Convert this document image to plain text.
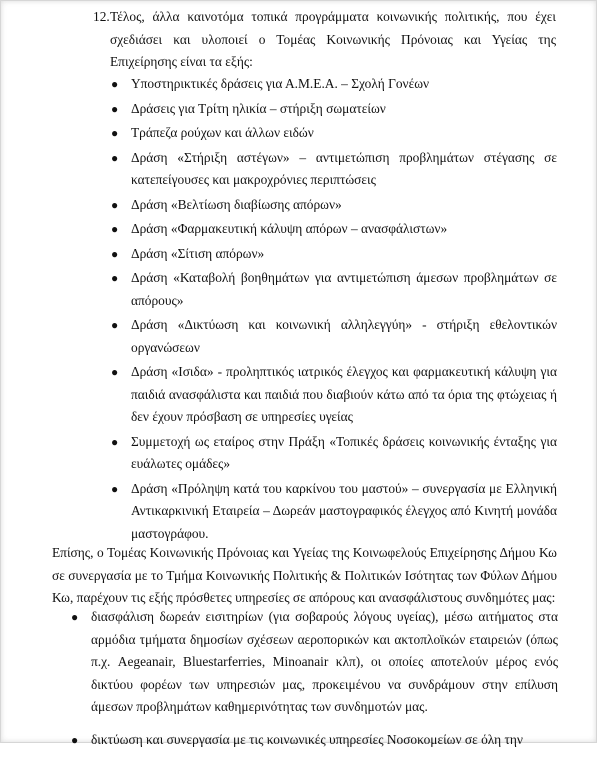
12. Τέλος, άλλα καινοτόμα τοπικά προγράμματα κοινωνικής πολιτικής, που έχει σχεδιάσει και υλοποιεί ο Τομέας Κοινωνικής Πρόνοιας και Υγείας της Επιχείρησης είναι τα εξής:
● Υποστηρικτικές δράσεις για Α.Μ.Ε.Α. – Σχολή Γονέων
● Δράσεις για Τρίτη ηλικία – στήριξη σωματείων
● Τράπεζα ρούχων και άλλων ειδών
● Δράση «Στήριξη αστέγων» – αντιμετώπιση προβλημάτων στέγασης σε κατεπείγουσες και μακροχρόνιες περιπτώσεις
● Δράση «Βελτίωση διαβίωσης απόρων»
● Δράση «Φαρμακευτική κάλυψη απόρων – ανασφάλιστων»
● Δράση «Σίτιση απόρων»
● Δράση «Καταβολή βοηθημάτων για αντιμετώπιση άμεσων προβλημάτων σε απόρους»
● Δράση «Δικτύωση και κοινωνική αλληλεγγύη» - στήριξη εθελοντικών οργανώσεων
● Δράση «Ισιδα» - προληπτικός ιατρικός έλεγχος και φαρμακευτική κάλυψη για παιδιά ανασφάλιστα και παιδιά που διαβιούν κάτω από τα όρια της φτώχειας ή δεν έχουν πρόσβαση σε υπηρεσίες υγείας
● Συμμετοχή ως εταίρος στην Πράξη «Τοπικές δράσεις κοινωνικής ένταξης για ευάλωτες ομάδες»
● Δράση «Πρόληψη κατά του καρκίνου του μαστού» – συνεργασία με Ελληνική Αντικαρκινική Εταιρεία – Δωρεάν μαστογραφικός έλεγχος από Κινητή μονάδα μαστογράφου.
Επίσης, ο Τομέας Κοινωνικής Πρόνοιας και Υγείας της Κοινωφελούς Επιχείρησης Δήμου Κω σε συνεργασία με το Τμήμα Κοινωνικής Πολιτικής & Πολιτικών Ισότητας των Φύλων Δήμου Κω, παρέχουν τις εξής πρόσθετες υπηρεσίες σε απόρους και ανασφάλιστους συνδημότες μας:
● διασφάλιση δωρεάν εισιτηρίων (για σοβαρούς λόγους υγείας), μέσω αιτήματος στα αρμόδια τμήματα δημοσίων σχέσεων αεροπορικών και ακτοπλοϊκών εταιρειών (όπως π.χ. Aegeanair, Bluestarferries, Minoanair κλπ), οι οποίες αποτελούν μέρος ενός δικτύου φορέων των υπηρεσιών μας, προκειμένου να συνδράμουν στην επίλυση άμεσων προβλημάτων καθημερινότητας των συνδημοτών μας.
● δικτύωση και συνεργασία με τις κοινωνικές υπηρεσίες Νοσοκομείων σε όλη την
